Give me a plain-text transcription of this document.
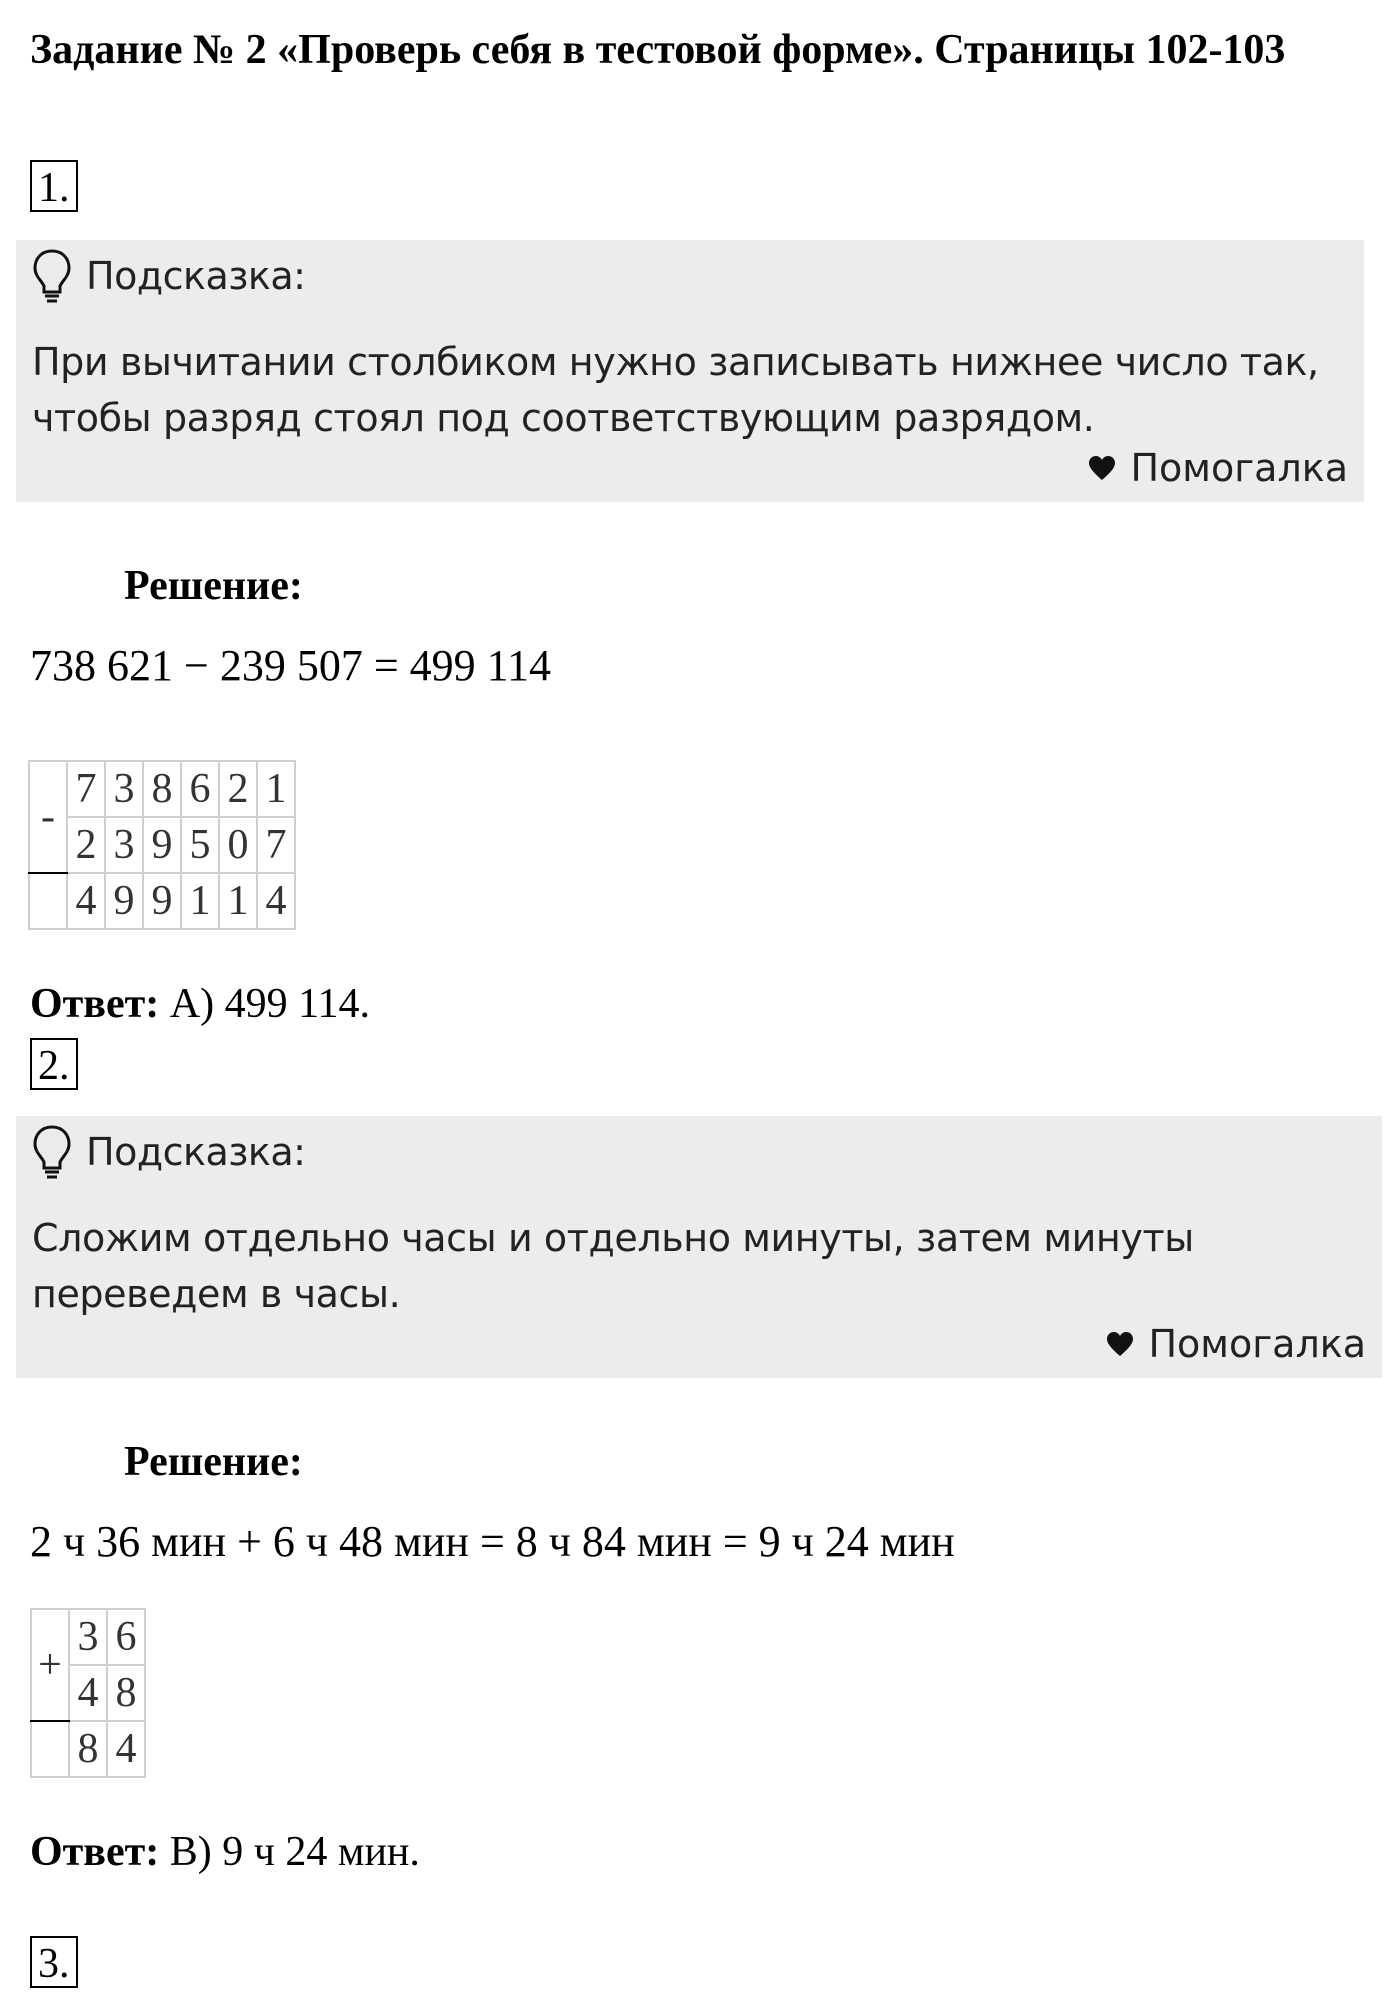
Задание № 2 «Проверь себя в тестовой форме». Страницы 102-103
1.
Подсказка:
При вычитании столбиком нужно записывать нижнее число так,
чтобы разряд стоял под соответствующим разрядом.
Помогалка
Решение:
738 621 − 239 507 = 499 114
-	7	3	8	6	2	1
	2	3	9	5	0	7
	4	9	9	1	1	4
Ответ: А) 499 114.
2.
Подсказка:
Сложим отдельно часы и отдельно минуты, затем минуты
переведем в часы.
Помогалка
Решение:
2 ч 36 мин + 6 ч 48 мин = 8 ч 84 мин = 9 ч 24 мин
+	3	6
	4	8
	8	4
Ответ: В) 9 ч 24 мин.
3.
